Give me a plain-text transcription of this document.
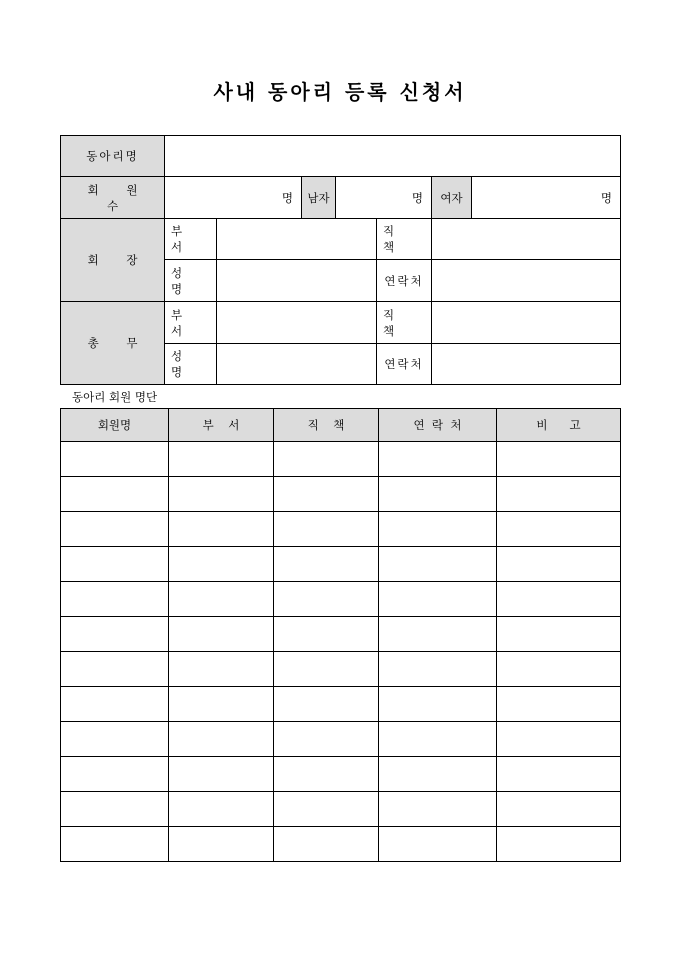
사내 동아리 등록 신청서
동아리명							
회 원 수	명		남자	명		여자	명
회 장	부 서				직 책		
	성 명				연락처		
총 무	부 서				직 책		
	성 명				연락처		
동아리 회원 명단
회원명	부    서	직    책	연  락  처	비      고
